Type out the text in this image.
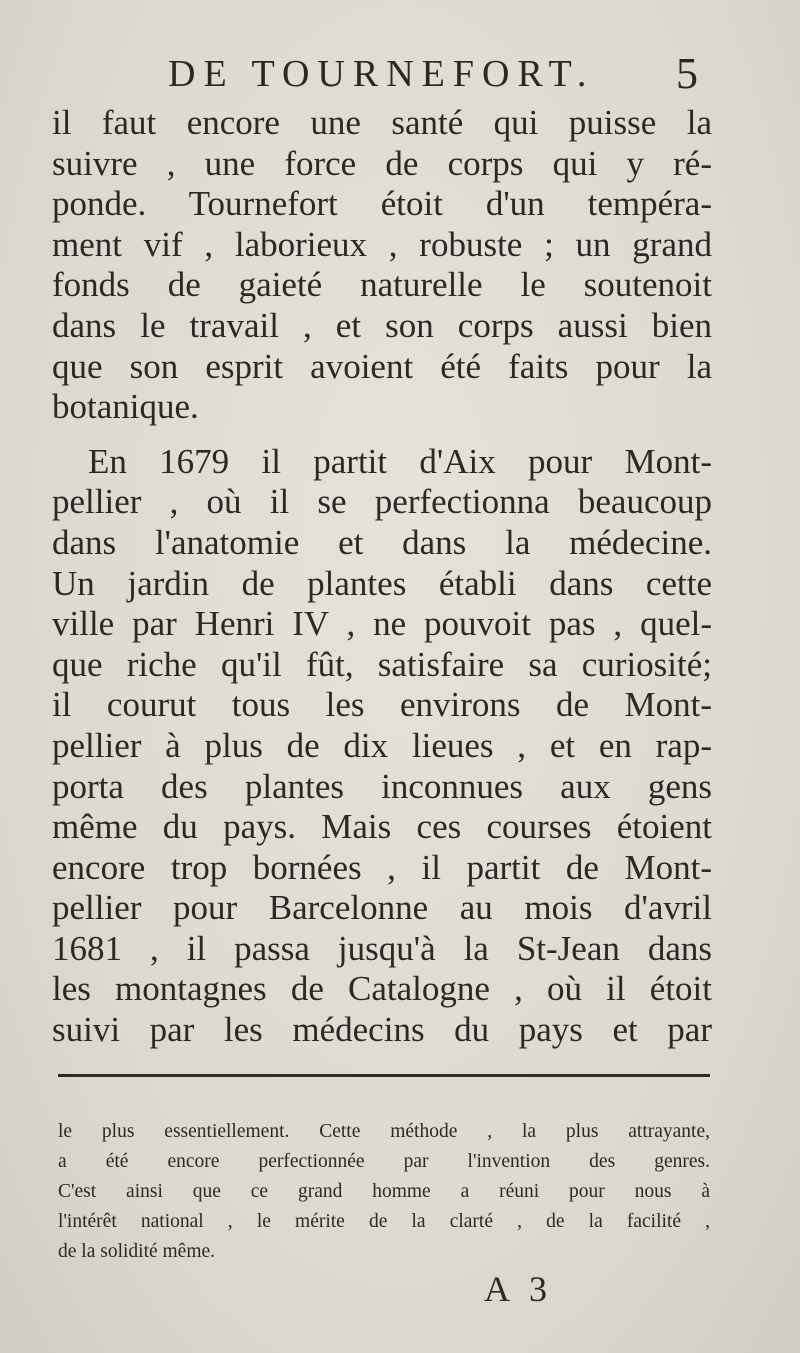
DE TOURNEFORT. 5
il faut encore une santé qui puisse la
suivre , une force de corps qui y ré-
ponde. Tournefort étoit d'un tempéra-
ment vif , laborieux , robuste ; un grand
fonds de gaieté naturelle le soutenoit
dans le travail , et son corps aussi bien
que son esprit avoient été faits pour la
botanique.
En 1679 il partit d'Aix pour Mont-
pellier , où il se perfectionna beaucoup
dans l'anatomie et dans la médecine.
Un jardin de plantes établi dans cette
ville par Henri IV , ne pouvoit pas , quel-
que riche qu'il fût, satisfaire sa curiosité;
il courut tous les environs de Mont-
pellier à plus de dix lieues , et en rap-
porta des plantes inconnues aux gens
même du pays. Mais ces courses étoient
encore trop bornées , il partit de Mont-
pellier pour Barcelonne au mois d'avril
1681 , il passa jusqu'à la St-Jean dans
les montagnes de Catalogne , où il étoit
suivi par les médecins du pays et par
le plus essentiellement. Cette méthode , la plus attrayante,
a été encore perfectionnée par l'invention des genres.
C'est ainsi que ce grand homme a réuni pour nous à
l'intérêt national , le mérite de la clarté , de la facilité ,
de la solidité même.
A 3
